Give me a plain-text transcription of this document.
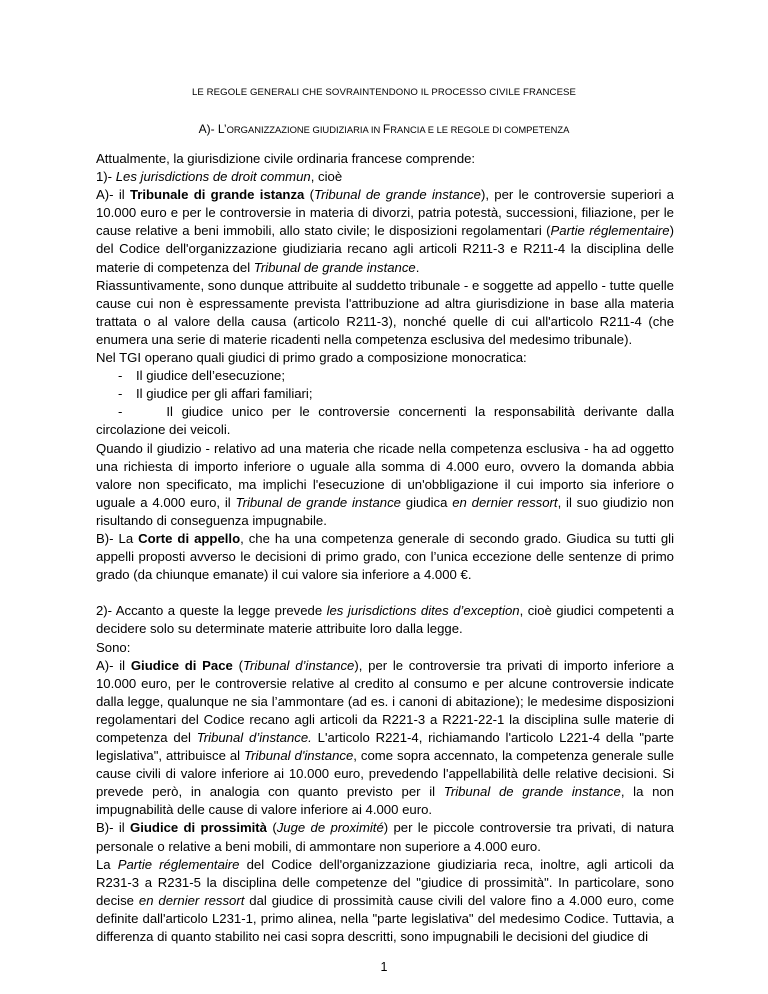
LE REGOLE GENERALI CHE SOVRAINTENDONO IL PROCESSO CIVILE FRANCESE
A)- L’ORGANIZZAZIONE GIUDIZIARIA IN FRANCIA E LE REGOLE DI COMPETENZA

Attualmente, la giurisdizione civile ordinaria francese comprende:

1)- Les jurisdictions de droit commun, cioè

A)- il Tribunale di grande istanza (Tribunal de grande instance), per le controversie superiori a 10.000 euro e per le controversie in materia di divorzi, patria potestà, successioni, filiazione, per le cause relative a beni immobili, allo stato civile; le disposizioni regolamentari (Partie réglementaire) del Codice dell'organizzazione giudiziaria recano agli articoli R211-3 e R211-4 la disciplina delle materie di competenza del Tribunal de grande instance.

Riassuntivamente, sono dunque attribuite al suddetto tribunale - e soggette ad appello - tutte quelle cause cui non è espressamente prevista l'attribuzione ad altra giurisdizione in base alla materia trattata o al valore della causa (articolo R211-3), nonché quelle di cui all'articolo R211-4 (che enumera una serie di materie ricadenti nella competenza esclusiva del medesimo tribunale).

Nel TGI operano quali giudici di primo grado a composizione monocratica:

- Il giudice dell’esecuzione;

- Il giudice per gli affari familiari;

-	Il giudice unico per le controversie concernenti la responsabilità derivante dalla circolazione dei veicoli.

Quando il giudizio - relativo ad una materia che ricade nella competenza esclusiva - ha ad oggetto una richiesta di importo inferiore o uguale alla somma di 4.000 euro, ovvero la domanda abbia valore non specificato, ma implichi l'esecuzione di un'obbligazione il cui importo sia inferiore o uguale a 4.000 euro, il Tribunal de grande instance giudica en dernier ressort, il suo giudizio non risultando di conseguenza impugnabile.

B)- La Corte di appello, che ha una competenza generale di secondo grado. Giudica su tutti gli appelli proposti avverso le decisioni di primo grado, con l’unica eccezione delle sentenze di primo grado (da chiunque emanate) il cui valore sia inferiore a 4.000 €.

2)- Accanto a queste la legge prevede les jurisdictions dites d’exception, cioè giudici competenti a decidere solo su determinate materie attribuite loro dalla legge.

Sono:

A)- il Giudice di Pace (Tribunal d’instance), per le controversie tra privati di importo inferiore a 10.000 euro, per le controversie relative al credito al consumo e per alcune controversie indicate dalla legge, qualunque ne sia l’ammontare (ad es. i canoni di abitazione); le medesime disposizioni regolamentari del Codice recano agli articoli da R221-3 a R221-22-1 la disciplina sulle materie di competenza del Tribunal d’instance. L'articolo R221-4, richiamando l'articolo L221-4 della "parte legislativa", attribuisce al Tribunal d'instance, come sopra accennato, la competenza generale sulle cause civili di valore inferiore ai 10.000 euro, prevedendo l'appellabilità delle relative decisioni. Si prevede però, in analogia con quanto previsto per il Tribunal de grande instance, la non impugnabilità delle cause di valore inferiore ai 4.000 euro.

B)- il Giudice di prossimità (Juge de proximité) per le piccole controversie tra privati, di natura personale o relative a beni mobili, di ammontare non superiore a 4.000 euro.

La Partie réglementaire del Codice dell'organizzazione giudiziaria reca, inoltre, agli articoli da R231-3 a R231-5 la disciplina delle competenze del "giudice di prossimità". In particolare, sono decise en dernier ressort dal giudice di prossimità cause civili del valore fino a 4.000 euro, come definite dall'articolo L231-1, primo alinea, nella "parte legislativa" del medesimo Codice. Tuttavia, a differenza di quanto stabilito nei casi sopra descritti, sono impugnabili le decisioni del giudice di

1
